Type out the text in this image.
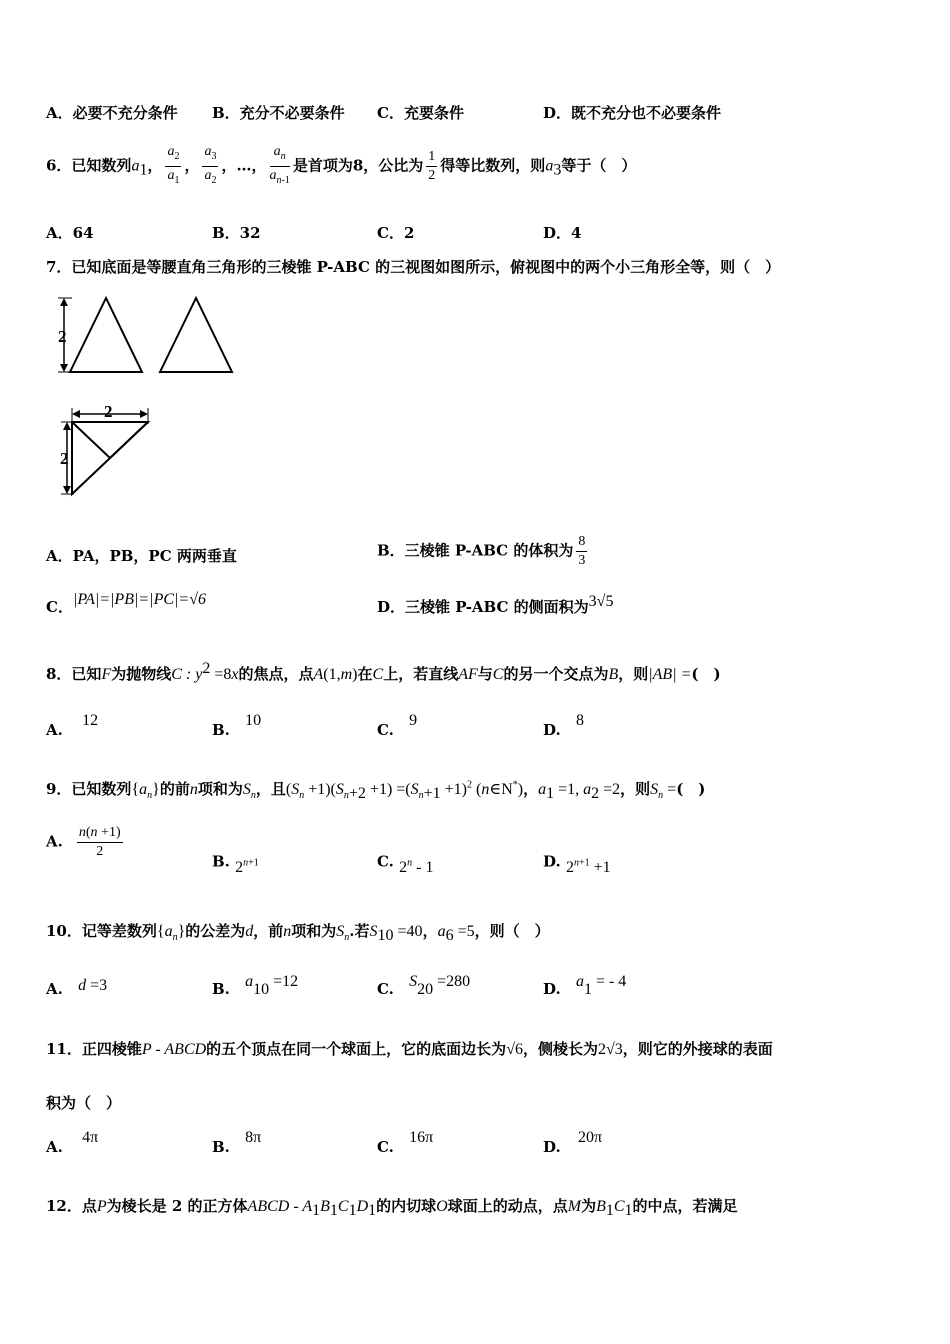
A．必要不充分条件 B．充分不必要条件 C．充要条件	D．既不充分也不必要条件
6．已知数列$a_1$， $\frac{a_2}{a_1}$ ， $\frac{a_3}{a_2}$ ，…， $\frac{a_n}{a_{n-1}}$ 是首项为8，公比为 $\frac{1}{2}$ 得等比数列，则$a_3$等于（　）
A．64	B．32	C．2	D．4
7．已知底面是等腰直角三角形的三棱锥 P-ABC 的三视图如图所示，俯视图中的两个小三角形全等，则（　）
2
2
2
A．PA，PB，PC 两两垂直	B．三棱锥 P-ABC 的体积为 $\frac{8}{3}$
C．|PA|=|PB|=|PC|=√6	D．三棱锥 P-ABC 的侧面积为3√5
8．已知F为抛物线C : $y^2 =8x$的焦点，点A(1,m)在C上，若直线AF与C的另一个交点为B，则|AB| =(　)
A. 12
B. 10
C. 9
D. 8
9．已知数列$\{a_n\}$的前n项和为$S_n$，且$(S_n +1)(S_{n+2} +1) =(S_{n+1} +1)^2$ (n∈N*)，$a_1 =1$, $a_2 =2$，则$S_n$ =(　)
A. $\frac{n(n +1)}{2}$
B. $2^{n+1}$	C. 2$^n$ - 1	D. $2^{n+1} +1$
10．记等差数列$\{a_n\}$的公差为d，前n项和为$S_n$.若$S_{10} =40$，$a_6 =5$，则（　）
A. d =3	B. $a_{10} =12$	C. $S_{20} =280$	D. $a_1$ = - 4
11．正四棱锥P - ABCD的五个顶点在同一个球面上，它的底面边长为√6，侧棱长为2√3，则它的外接球的表面
积为（　）
A. 4π
B. 8π
C. 16π
D. 20π
12．点P为棱长是 2 的正方体ABCD - $A_1B_1C_1D_1$的内切球O球面上的动点，点M为$B_1C_1$的中点，若满足
